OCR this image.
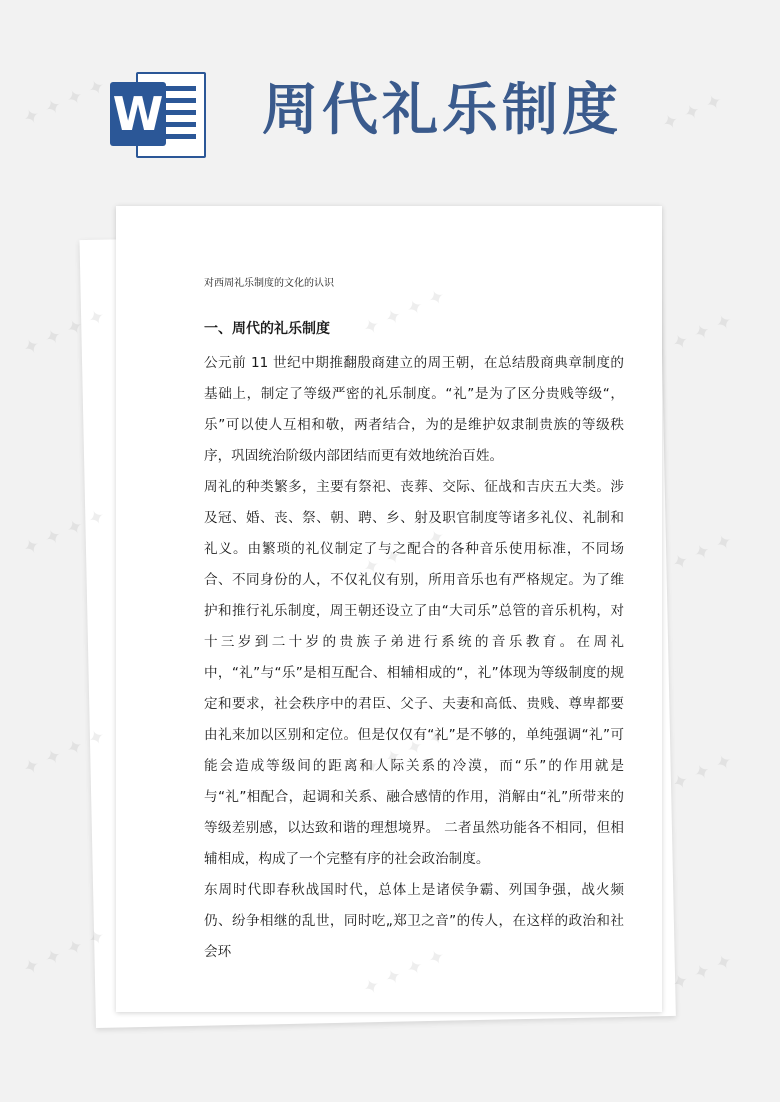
W 周代礼乐制度

对西周礼乐制度的文化的认识

一、周代的礼乐制度

公元前 11 世纪中期推翻殷商建立的周王朝，在总结殷商典章制度的基础上，制定了等级严密的礼乐制度。“礼”是为了区分贵贱等级“，乐”可以使人互相和敬，两者结合，为的是维护奴隶制贵族的等级秩序，巩固统治阶级内部团结而更有效地统治百姓。

周礼的种类繁多，主要有祭祀、丧葬、交际、征战和吉庆五大类。涉及冠、婚、丧、祭、朝、聘、乡、射及职官制度等诸多礼仪、礼制和礼义。由繁琐的礼仪制定了与之配合的各种音乐使用标准，不同场合、不同身份的人，不仅礼仪有别，所用音乐也有严格规定。为了维护和推行礼乐制度，周王朝还设立了由“大司乐”总管的音乐机构，对十三岁到二十岁的贵族子弟进行系统的音乐教育。在周礼中，“礼”与“乐”是相互配合、相辅相成的“，礼”体现为等级制度的规定和要求，社会秩序中的君臣、父子、夫妻和高低、贵贱、尊卑都要由礼来加以区别和定位。但是仅仅有“礼”是不够的，单纯强调“礼”可能会造成等级间的距离和人际关系的冷漠，而“乐”的作用就是与“礼”相配合，起调和关系、融合感情的作用，消解由“礼”所带来的等级差别感，以达致和谐的理想境界。 二者虽然功能各不相同，但相辅相成，构成了一个完整有序的社会政治制度。

东周时代即春秋战国时代，总体上是诸侯争霸、列国争强，战火频仍、纷争相继的乱世，同时吃„郑卫之音”的传人，在这样的政治和社会环

✦ ✦ ✦ ✦	✦ ✦ ✦
✦ ✦ ✦ ✦	✦ ✦ ✦
✦ ✦ ✦ ✦	✦ ✦ ✦
✦ ✦ ✦ ✦	✦ ✦ ✦
✦ ✦ ✦ ✦	✦ ✦ ✦
